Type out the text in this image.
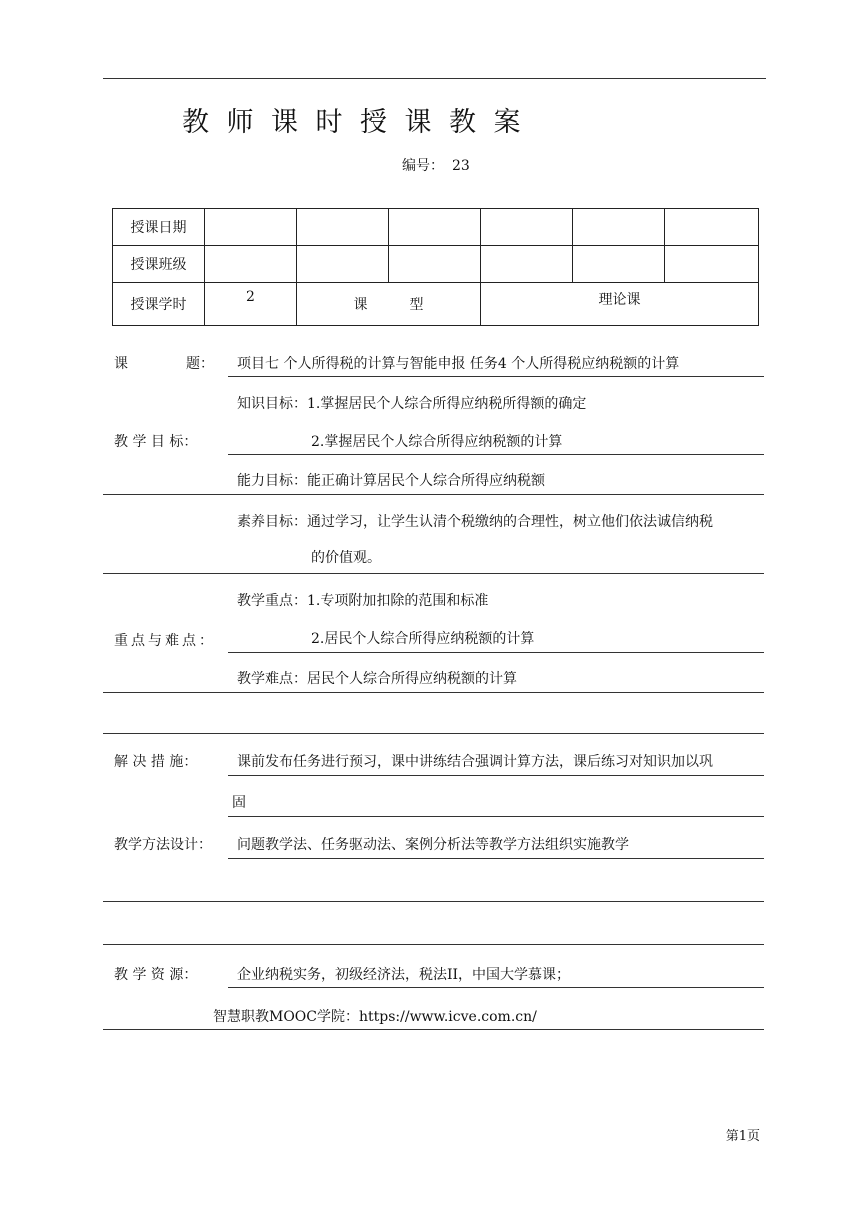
教师课时授课教案
编号： 23
授课日期						
授课班级						
授课学时	2	课 型		理论课		
课	题： 项目七 个人所得税的计算与智能申报 任务4 个人所得税应纳税额的计算
知识目标：1.掌握居民个人综合所得应纳税所得额的确定
教 学 目 标：	2.掌握居民个人综合所得应纳税额的计算
能力目标：能正确计算居民个人综合所得应纳税额
素养目标：通过学习，让学生认清个税缴纳的合理性，树立他们依法诚信纳税
的价值观。
教学重点：1.专项附加扣除的范围和标准
重点与难点：	2.居民个人综合所得应纳税额的计算
教学难点：居民个人综合所得应纳税额的计算
解 决 措 施：	课前发布任务进行预习，课中讲练结合强调计算方法，课后练习对知识加以巩
固
教学方法设计： 问题教学法、任务驱动法、案例分析法等教学方法组织实施教学
教 学 资 源：	企业纳税实务，初级经济法，税法II，中国大学慕课；
智慧职教MOOC学院：https://www.icve.com.cn/
第1页
